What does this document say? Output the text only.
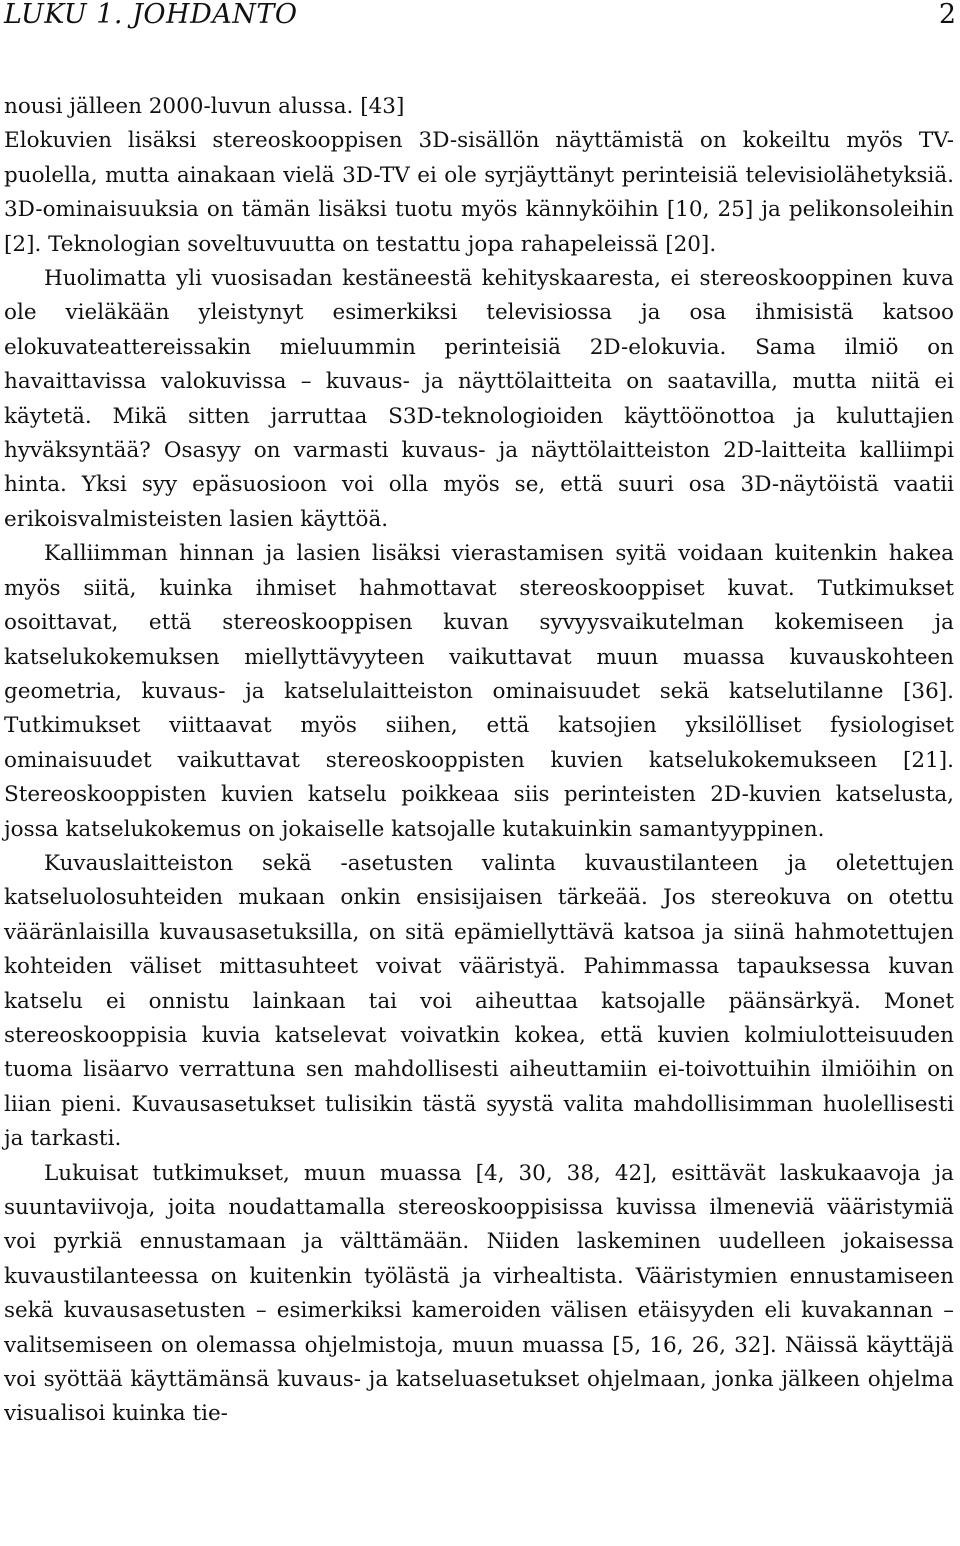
LUKU 1. JOHDANTO	2

nousi jälleen 2000-luvun alussa. [43]

Elokuvien lisäksi stereoskooppisen 3D-sisällön näyttämistä on kokeiltu myös TV-puolella, mutta ainakaan vielä 3D-TV ei ole syrjäyttänyt perinteisiä televisiolähetyksiä. 3D-ominaisuuksia on tämän lisäksi tuotu myös kännyköihin [10, 25] ja pelikonsoleihin [2]. Teknologian soveltuvuutta on testattu jopa rahapeleissä [20].

Huolimatta yli vuosisadan kestäneestä kehityskaaresta, ei stereoskooppinen kuva ole vieläkään yleistynyt esimerkiksi televisiossa ja osa ihmisistä katsoo elokuvateattereissakin mieluummin perinteisiä 2D-elokuvia. Sama ilmiö on havaittavissa valokuvissa – kuvaus- ja näyttölaitteita on saatavilla, mutta niitä ei käytetä. Mikä sitten jarruttaa S3D-teknologioiden käyttöönottoa ja kuluttajien hyväksyntää? Osasyy on varmasti kuvaus- ja näyttölaitteiston 2D-laitteita kalliimpi hinta. Yksi syy epäsuosioon voi olla myös se, että suuri osa 3D-näytöistä vaatii erikoisvalmisteisten lasien käyttöä.

Kalliimman hinnan ja lasien lisäksi vierastamisen syitä voidaan kuitenkin hakea myös siitä, kuinka ihmiset hahmottavat stereoskooppiset kuvat. Tutkimukset osoittavat, että stereoskooppisen kuvan syvyysvaikutelman kokemiseen ja katselukokemuksen miellyttävyyteen vaikuttavat muun muassa kuvauskohteen geometria, kuvaus- ja katselulaitteiston ominaisuudet sekä katselutilanne [36]. Tutkimukset viittaavat myös siihen, että katsojien yksilölliset fysiologiset ominaisuudet vaikuttavat stereoskooppisten kuvien katselukokemukseen [21]. Stereoskooppisten kuvien katselu poikkeaa siis perinteisten 2D-kuvien katselusta, jossa katselukokemus on jokaiselle katsojalle kutakuinkin samantyyppinen.

Kuvauslaitteiston sekä -asetusten valinta kuvaustilanteen ja oletettujen katseluolosuhteiden mukaan onkin ensisijaisen tärkeää. Jos stereokuva on otettu vääränlaisilla kuvausasetuksilla, on sitä epämiellyttävä katsoa ja siinä hahmotettujen kohteiden väliset mittasuhteet voivat vääristyä. Pahimmassa tapauksessa kuvan katselu ei onnistu lainkaan tai voi aiheuttaa katsojalle päänsärkyä. Monet stereoskooppisia kuvia katselevat voivatkin kokea, että kuvien kolmiulotteisuuden tuoma lisäarvo verrattuna sen mahdollisesti aiheuttamiin ei-toivottuihin ilmiöihin on liian pieni. Kuvausasetukset tulisikin tästä syystä valita mahdollisimman huolellisesti ja tarkasti.

Lukuisat tutkimukset, muun muassa [4, 30, 38, 42], esittävät laskukaavoja ja suuntaviivoja, joita noudattamalla stereoskooppisissa kuvissa ilmeneviä vääristymiä voi pyrkiä ennustamaan ja välttämään. Niiden laskeminen uudelleen jokaisessa kuvaustilanteessa on kuitenkin työlästä ja virhealtista. Vääristymien ennustamiseen sekä kuvausasetusten – esimerkiksi kameroiden välisen etäisyyden eli kuvakannan – valitsemiseen on olemassa ohjelmistoja, muun muassa [5, 16, 26, 32]. Näissä käyttäjä voi syöttää käyttämänsä kuvaus- ja katseluasetukset ohjelmaan, jonka jälkeen ohjelma visualisoi kuinka tie-
